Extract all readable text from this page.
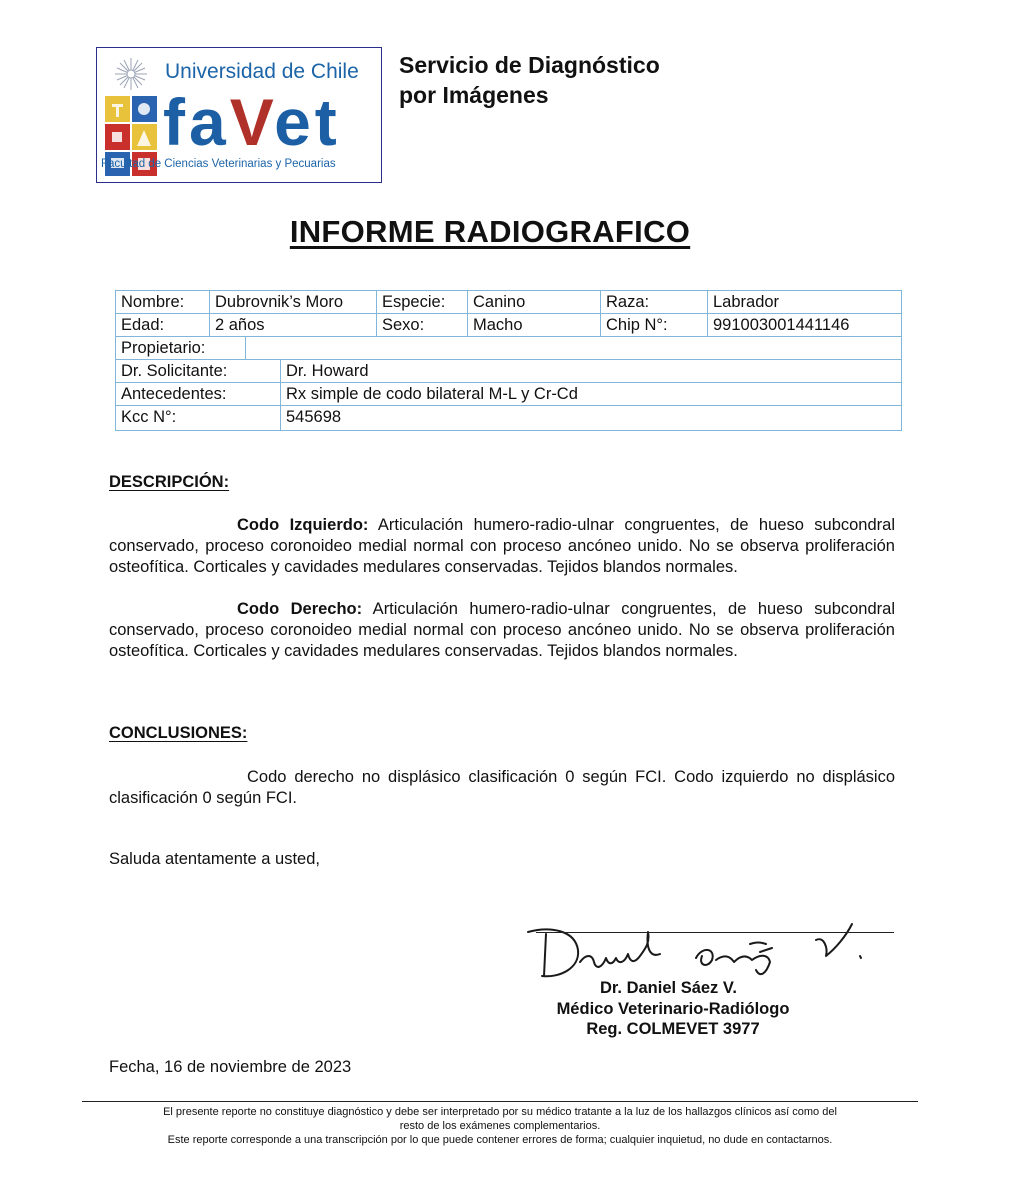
Universidad de Chile
faVet
Facultad de Ciencias Veterinarias y Pecuarias
Servicio de Diagnóstico
por Imágenes
INFORME RADIOGRAFICO
Nombre:	Dubrovnik’s Moro	Especie:	Canino	Raza:	Labrador
Edad:	2 años	Sexo:	Macho	Chip N°:	991003001441146
Propietario:
Dr. Solicitante:	Dr. Howard
Antecedentes:	Rx simple de codo bilateral M-L y Cr-Cd
Kcc N°:	545698
DESCRIPCIÓN:
Codo Izquierdo: Articulación humero-radio-ulnar congruentes, de hueso subcondral conservado, proceso coronoideo medial normal con proceso ancóneo unido. No se observa proliferación osteofítica. Corticales y cavidades medulares conservadas. Tejidos blandos normales.
Codo Derecho: Articulación humero-radio-ulnar congruentes, de hueso subcondral conservado, proceso coronoideo medial normal con proceso ancóneo unido. No se observa proliferación osteofítica. Corticales y cavidades medulares conservadas. Tejidos blandos normales.
CONCLUSIONES:
Codo derecho no displásico clasificación 0 según FCI. Codo izquierdo no displásico clasificación 0 según FCI.
Saluda atentamente a usted,
Dr. Daniel Sáez V.
Médico Veterinario-Radiólogo
Reg. COLMEVET 3977
Fecha, 16 de noviembre de 2023
El presente reporte no constituye diagnóstico y debe ser interpretado por su médico tratante a la luz de los hallazgos clínicos así como del
resto de los exámenes complementarios.
Este reporte corresponde a una transcripción por lo que puede contener errores de forma; cualquier inquietud, no dude en contactarnos.
